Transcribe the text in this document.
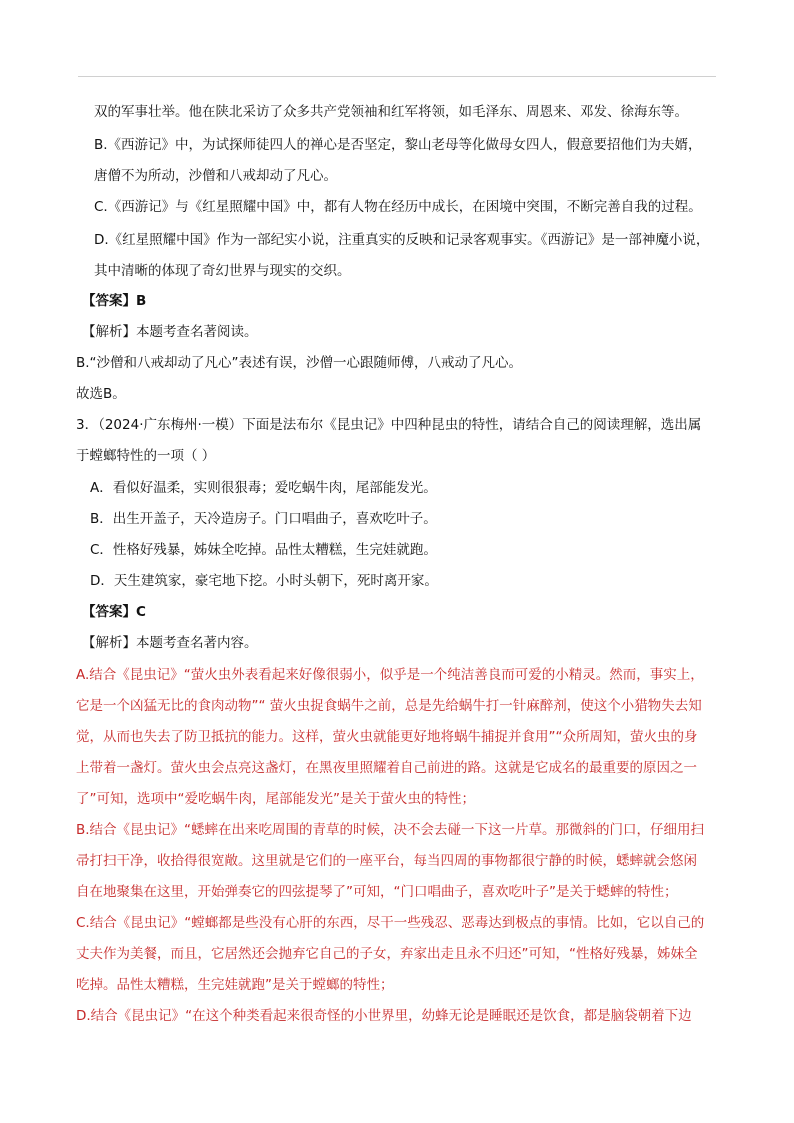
双的军事壮举。他在陕北采访了众多共产党领袖和红军将领，如毛泽东、周恩来、邓发、徐海东等。
B.《西游记》中，为试探师徒四人的禅心是否坚定，黎山老母等化做母女四人，假意要招他们为夫婿，
唐僧不为所动，沙僧和八戒却动了凡心。
C.《西游记》与《红星照耀中国》中，都有人物在经历中成长，在困境中突围，不断完善自我的过程。
D.《红星照耀中国》作为一部纪实小说，注重真实的反映和记录客观事实。《西游记》是一部神魔小说，
其中清晰的体现了奇幻世界与现实的交织。
【答案】B
【解析】本题考查名著阅读。
B.“沙僧和八戒却动了凡心”表述有误，沙僧一心跟随师傅，八戒动了凡心。
故选B。
3．（2024·广东梅州·一模）下面是法布尔《昆虫记》中四种昆虫的特性，请结合自己的阅读理解，选出属
于螳螂特性的一项（ ）
A．看似好温柔，实则很狠毒；爱吃蜗牛肉，尾部能发光。
B．出生开盖子，天冷造房子。门口唱曲子，喜欢吃叶子。
C．性格好残暴，姊妹全吃掉。品性太糟糕，生完娃就跑。
D．天生建筑家，豪宅地下挖。小时头朝下，死时离开家。
【答案】C
【解析】本题考查名著内容。
A.结合《昆虫记》“萤火虫外表看起来好像很弱小，似乎是一个纯洁善良而可爱的小精灵。然而，事实上，
它是一个凶猛无比的食肉动物”“ 萤火虫捉食蜗牛之前，总是先给蜗牛打一针麻醉剂，使这个小猎物失去知
觉，从而也失去了防卫抵抗的能力。这样，萤火虫就能更好地将蜗牛捕捉并食用”“众所周知，萤火虫的身
上带着一盏灯。萤火虫会点亮这盏灯，在黑夜里照耀着自己前进的路。这就是它成名的最重要的原因之一
了”可知，选项中“爱吃蜗牛肉，尾部能发光”是关于萤火虫的特性；
B.结合《昆虫记》“蟋蟀在出来吃周围的青草的时候，决不会去碰一下这一片草。那微斜的门口，仔细用扫
帚打扫干净，收拾得很宽敞。这里就是它们的一座平台，每当四周的事物都很宁静的时候，蟋蟀就会悠闲
自在地聚集在这里，开始弹奏它的四弦提琴了”可知，“门口唱曲子，喜欢吃叶子”是关于蟋蟀的特性；
C.结合《昆虫记》“螳螂都是些没有心肝的东西，尽干一些残忍、恶毒达到极点的事情。比如，它以自己的
丈夫作为美餐，而且，它居然还会抛弃它自己的子女，弃家出走且永不归还”可知，“性格好残暴，姊妹全
吃掉。品性太糟糕，生完娃就跑”是关于螳螂的特性；
D.结合《昆虫记》“在这个种类看起来很奇怪的小世界里，幼蜂无论是睡眠还是饮食，都是脑袋朝着下边
